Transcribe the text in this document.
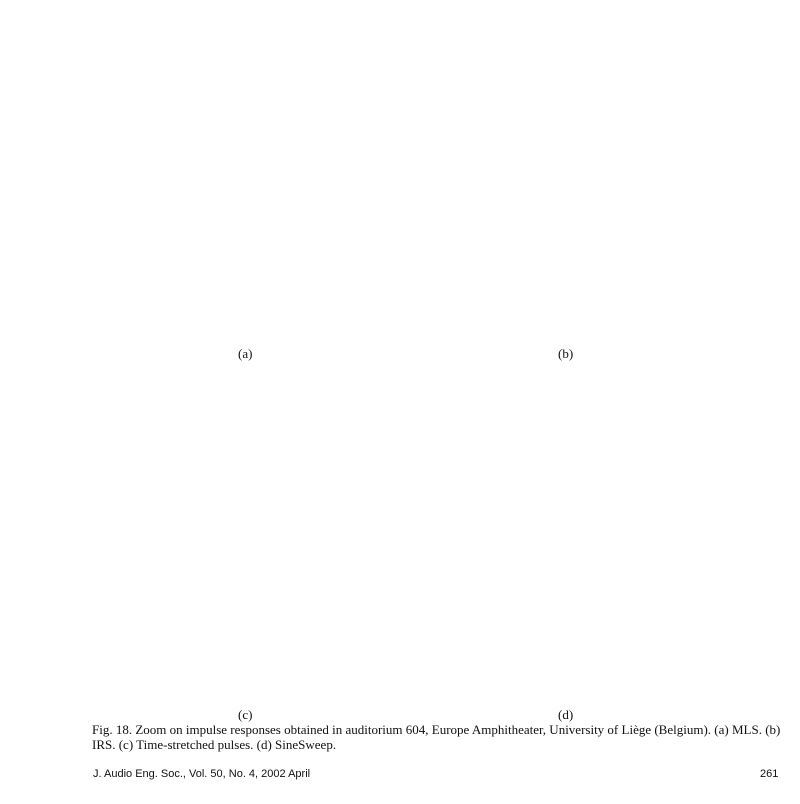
(a)	(b)
(c)	(d)
Fig. 18. Zoom on impulse responses obtained in auditorium 604, Europe Amphitheater, University of Liège (Belgium). (a) MLS. (b) IRS. (c) Time-stretched pulses. (d) SineSweep.
J. Audio Eng. Soc., Vol. 50, No. 4, 2002 April	261
